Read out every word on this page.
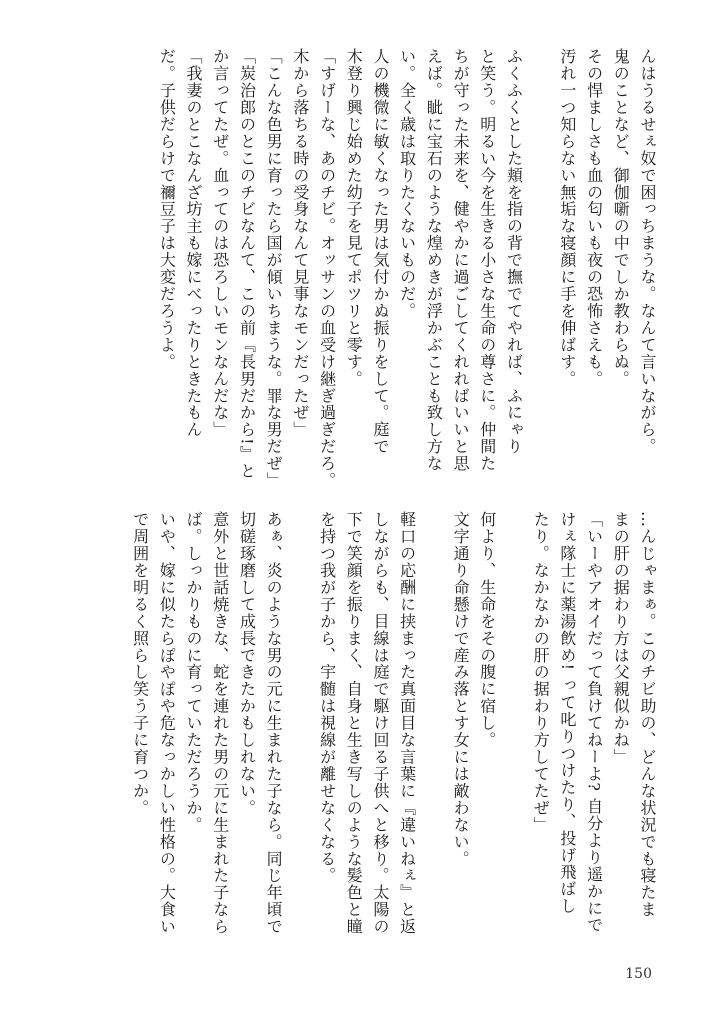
んはうるせぇ奴で困っちまうな。なんて言いながら。
鬼のことなど、御伽噺の中でしか教わらぬ。
その悍ましさも血の匂いも夜の恐怖さえも。
汚れ一つ知らない無垢な寝顔に手を伸ばす。
ふくふくとした頬を指の背で撫でてやれば、ふにゃり
と笑う。明るい今を生きる小さな生命の尊さに。仲間た
ちが守った未来を、健やかに過ごしてくれればいいと思
えば。眦に宝石のような煌めきが浮かぶことも致し方な
い。全く歳は取りたくないものだ。
人の機微に敏くなった男は気付かぬ振りをして。庭で
木登り興じ始めた幼子を見てポツリと零す。
「すげーな、あのチビ。オッサンの血受け継ぎ過ぎだろ。
木から落ちる時の受身なんて見事なモンだったぜ」
「こんな色男に育ったら国が傾いちまうな。罪な男だぜ」
「炭治郎のとこのチビなんて、この前『長男だから!』と
か言ってたぜ。血ってのは恐ろしいモンなんだな」
「我妻のとこなんざ坊主も嫁にべったりときたもん
だ。子供だらけで禰豆子は大変だろうよ。
…んじゃまぁ。このチビ助の、どんな状況でも寝たま
まの肝の据わり方は父親似かね」
「いーやアオイだって負けてねーよ? 自分より遥かにで
けぇ隊士に薬湯飲め! って叱りつけたり、投げ飛ばし
たり。なかなかの肝の据わり方してたぜ」
何より、生命をその腹に宿し。
文字通り命懸けで産み落とす女には敵わない。
軽口の応酬に挟まった真面目な言葉に『違いねぇ』と返
しながらも、目線は庭で駆け回る子供へと移り。太陽の
下で笑顔を振りまく、自身と生き写しのような髪色と瞳
を持つ我が子から、宇髄は視線が離せなくなる。
あぁ、炎のような男の元に生まれた子なら。同じ年頃で
切磋琢磨して成長できたかもしれない。
意外と世話焼きな、蛇を連れた男の元に生まれた子なら
ば。しっかりものに育っていただろうか。
いや、嫁に似たらぽやぽや危なっかしい性格の。大食い
で周囲を明るく照らし笑う子に育つか。
150
